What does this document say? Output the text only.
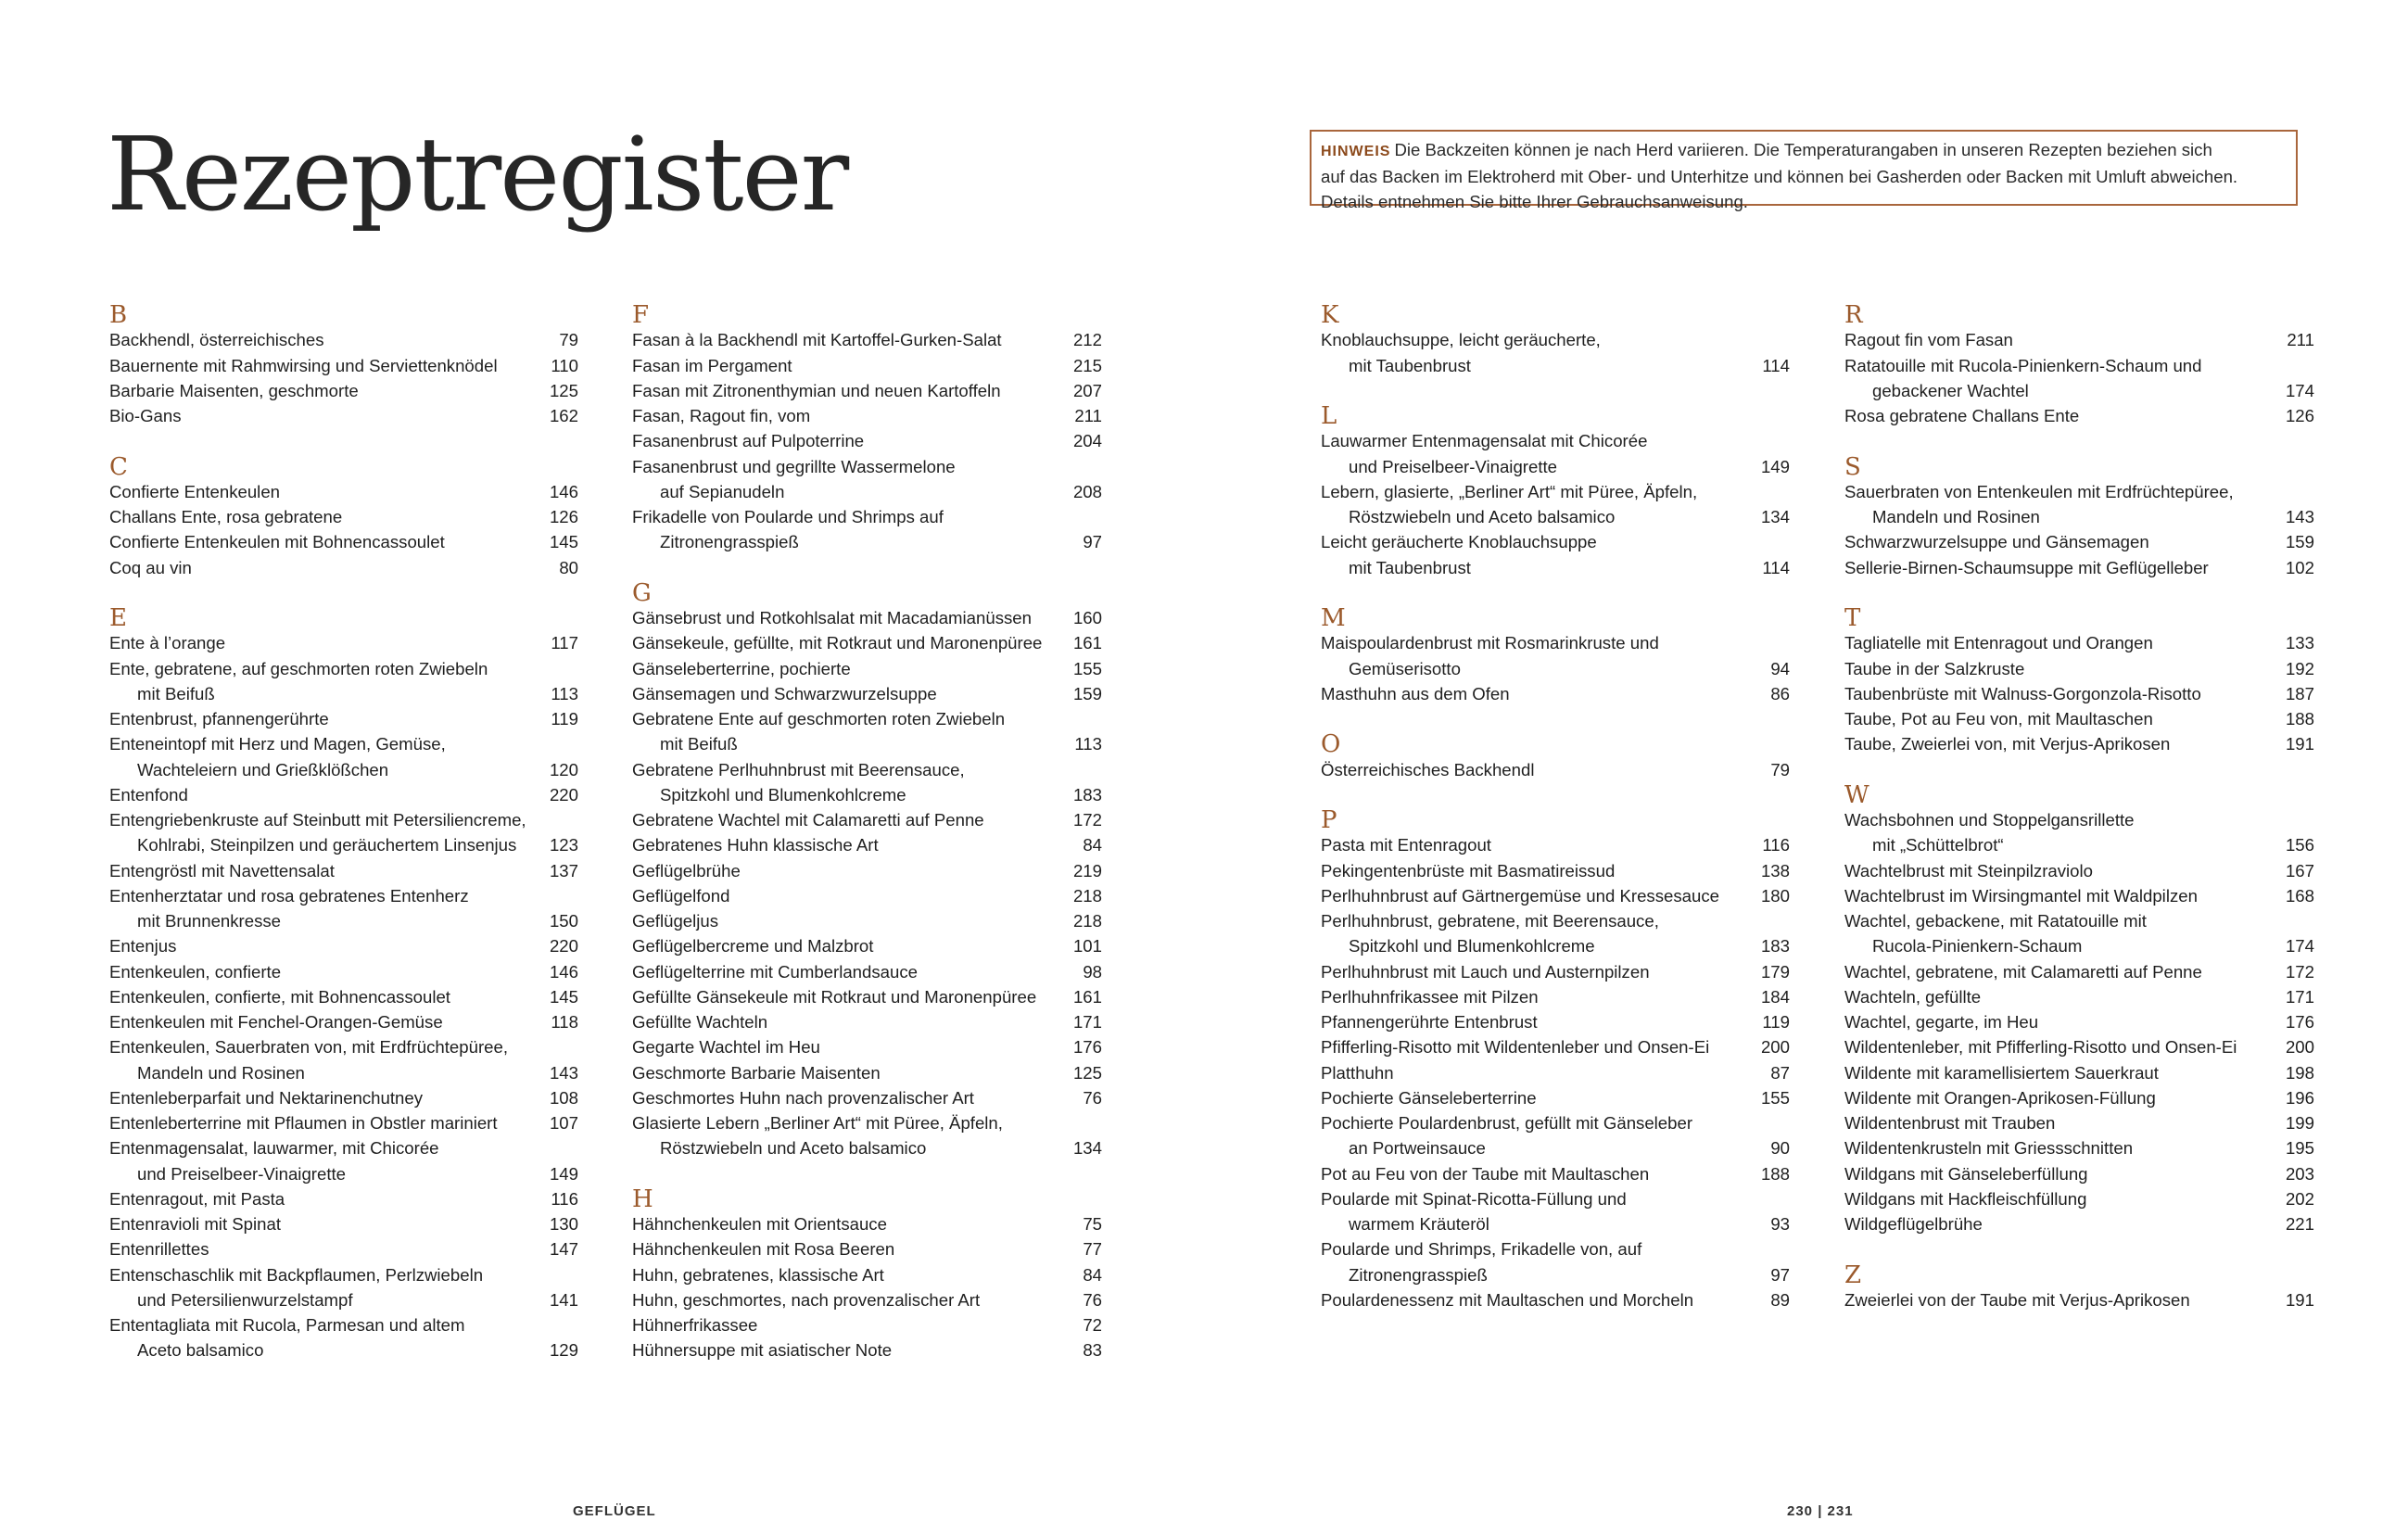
Rezeptregister	HINWEIS Die Backzeiten können je nach Herd variieren. Die Temperaturangaben in unseren Rezepten beziehen sich
auf das Backen im Elektroherd mit Ober- und Unterhitze und können bei Gasherden oder Backen mit Umluft abweichen.
Details entnehmen Sie bitte Ihrer Gebrauchsanweisung.
B
Backhendl, österreichisches	79
Bauernente mit Rahmwirsing und Serviettenknödel	110
Barbarie Maisenten, geschmorte	125
Bio-Gans	162
C
Confierte Entenkeulen	146
Challans Ente, rosa gebratene	126
Confierte Entenkeulen mit Bohnencassoulet	145
Coq au vin	80
E
Ente à l’orange	117
Ente, gebratene, auf geschmorten roten Zwiebeln
mit Beifuß	113
Entenbrust, pfannengerührte	119
Enteneintopf mit Herz und Magen, Gemüse,
Wachteleiern und Grießklößchen	120
Entenfond	220
Entengriebenkruste auf Steinbutt mit Petersiliencreme,
Kohlrabi, Steinpilzen und geräuchertem Linsenjus	123
Entengröstl mit Navettensalat	137
Entenherztatar und rosa gebratenes Entenherz
mit Brunnenkresse	150
Entenjus	220
Entenkeulen, confierte	146
Entenkeulen, confierte, mit Bohnencassoulet	145
Entenkeulen mit Fenchel-Orangen-Gemüse	118
Entenkeulen, Sauerbraten von, mit Erdfrüchtepüree,
Mandeln und Rosinen	143
Entenleberparfait und Nektarinenchutney	108
Entenleberterrine mit Pflaumen in Obstler mariniert	107
Entenmagensalat, lauwarmer, mit Chicorée
und Preiselbeer-Vinaigrette	149
Entenragout, mit Pasta	116
Entenravioli mit Spinat	130
Entenrillettes	147
Entenschaschlik mit Backpflaumen, Perlzwiebeln
und Petersilienwurzelstampf	141
Ententagliata mit Rucola, Parmesan und altem
Aceto balsamico	129
F
Fasan à la Backhendl mit Kartoffel-Gurken-Salat	212
Fasan im Pergament	215
Fasan mit Zitronenthymian und neuen Kartoffeln	207
Fasan, Ragout fin, vom	211
Fasanenbrust auf Pulpoterrine	204
Fasanenbrust und gegrillte Wassermelone
auf Sepianudeln	208
Frikadelle von Poularde und Shrimps auf
Zitronengrasspieß	97
G
Gänsebrust und Rotkohlsalat mit Macadamianüssen	160
Gänsekeule, gefüllte, mit Rotkraut und Maronenpüree	161
Gänseleberterrine, pochierte	155
Gänsemagen und Schwarzwurzelsuppe	159
Gebratene Ente auf geschmorten roten Zwiebeln
mit Beifuß	113
Gebratene Perlhuhnbrust mit Beerensauce,
Spitzkohl und Blumenkohlcreme	183
Gebratene Wachtel mit Calamaretti auf Penne	172
Gebratenes Huhn klassische Art	84
Geflügelbrühe	219
Geflügelfond	218
Geflügeljus	218
Geflügelbercreme und Malzbrot	101
Geflügelterrine mit Cumberlandsauce	98
Gefüllte Gänsekeule mit Rotkraut und Maronenpüree	161
Gefüllte Wachteln	171
Gegarte Wachtel im Heu	176
Geschmorte Barbarie Maisenten	125
Geschmortes Huhn nach provenzalischer Art	76
Glasierte Lebern „Berliner Art“ mit Püree, Äpfeln,
Röstzwiebeln und Aceto balsamico	134
H
Hähnchenkeulen mit Orientsauce	75
Hähnchenkeulen mit Rosa Beeren	77
Huhn, gebratenes, klassische Art	84
Huhn, geschmortes, nach provenzalischer Art	76
Hühnerfrikassee	72
Hühnersuppe mit asiatischer Note	83
K
Knoblauchsuppe, leicht geräucherte,
mit Taubenbrust	114
L
Lauwarmer Entenmagensalat mit Chicorée
und Preiselbeer-Vinaigrette	149
Lebern, glasierte, „Berliner Art“ mit Püree, Äpfeln,
Röstzwiebeln und Aceto balsamico	134
Leicht geräucherte Knoblauchsuppe
mit Taubenbrust	114
M
Maispoulardenbrust mit Rosmarinkruste und
Gemüserisotto	94
Masthuhn aus dem Ofen	86
O
Österreichisches Backhendl	79
P
Pasta mit Entenragout	116
Pekingentenbrüste mit Basmatireissud	138
Perlhuhnbrust auf Gärtnergemüse und Kressesauce	180
Perlhuhnbrust, gebratene, mit Beerensauce,
Spitzkohl und Blumenkohlcreme	183
Perlhuhnbrust mit Lauch und Austernpilzen	179
Perlhuhnfrikassee mit Pilzen	184
Pfannengerührte Entenbrust	119
Pfifferling-Risotto mit Wildentenleber und Onsen-Ei	200
Platthuhn	87
Pochierte Gänseleberterrine	155
Pochierte Poulardenbrust, gefüllt mit Gänseleber
an Portweinsauce	90
Pot au Feu von der Taube mit Maultaschen	188
Poularde mit Spinat-Ricotta-Füllung und
warmem Kräuteröl	93
Poularde und Shrimps, Frikadelle von, auf
Zitronengrasspieß	97
Poulardenessenz mit Maultaschen und Morcheln	89
R
Ragout fin vom Fasan	211
Ratatouille mit Rucola-Pinienkern-Schaum und
gebackener Wachtel	174
Rosa gebratene Challans Ente	126
S
Sauerbraten von Entenkeulen mit Erdfrüchtepüree,
Mandeln und Rosinen	143
Schwarzwurzelsuppe und Gänsemagen	159
Sellerie-Birnen-Schaumsuppe mit Geflügelleber	102
T
Tagliatelle mit Entenragout und Orangen	133
Taube in der Salzkruste	192
Taubenbrüste mit Walnuss-Gorgonzola-Risotto	187
Taube, Pot au Feu von, mit Maultaschen	188
Taube, Zweierlei von, mit Verjus-Aprikosen	191
W
Wachsbohnen und Stoppelgansrillette
mit „Schüttelbrot“	156
Wachtelbrust mit Steinpilzraviolo	167
Wachtelbrust im Wirsingmantel mit Waldpilzen	168
Wachtel, gebackene, mit Ratatouille mit
Rucola-Pinienkern-Schaum	174
Wachtel, gebratene, mit Calamaretti auf Penne	172
Wachteln, gefüllte	171
Wachtel, gegarte, im Heu	176
Wildentenleber, mit Pfifferling-Risotto und Onsen-Ei	200
Wildente mit karamellisiertem Sauerkraut	198
Wildente mit Orangen-Aprikosen-Füllung	196
Wildentenbrust mit Trauben	199
Wildentenkrusteln mit Griessschnitten	195
Wildgans mit Gänseleberfüllung	203
Wildgans mit Hackfleischfüllung	202
Wildgeflügelbrühe	221
Z
Zweierlei von der Taube mit Verjus-Aprikosen	191
GEFLÜGEL	230 | 231
